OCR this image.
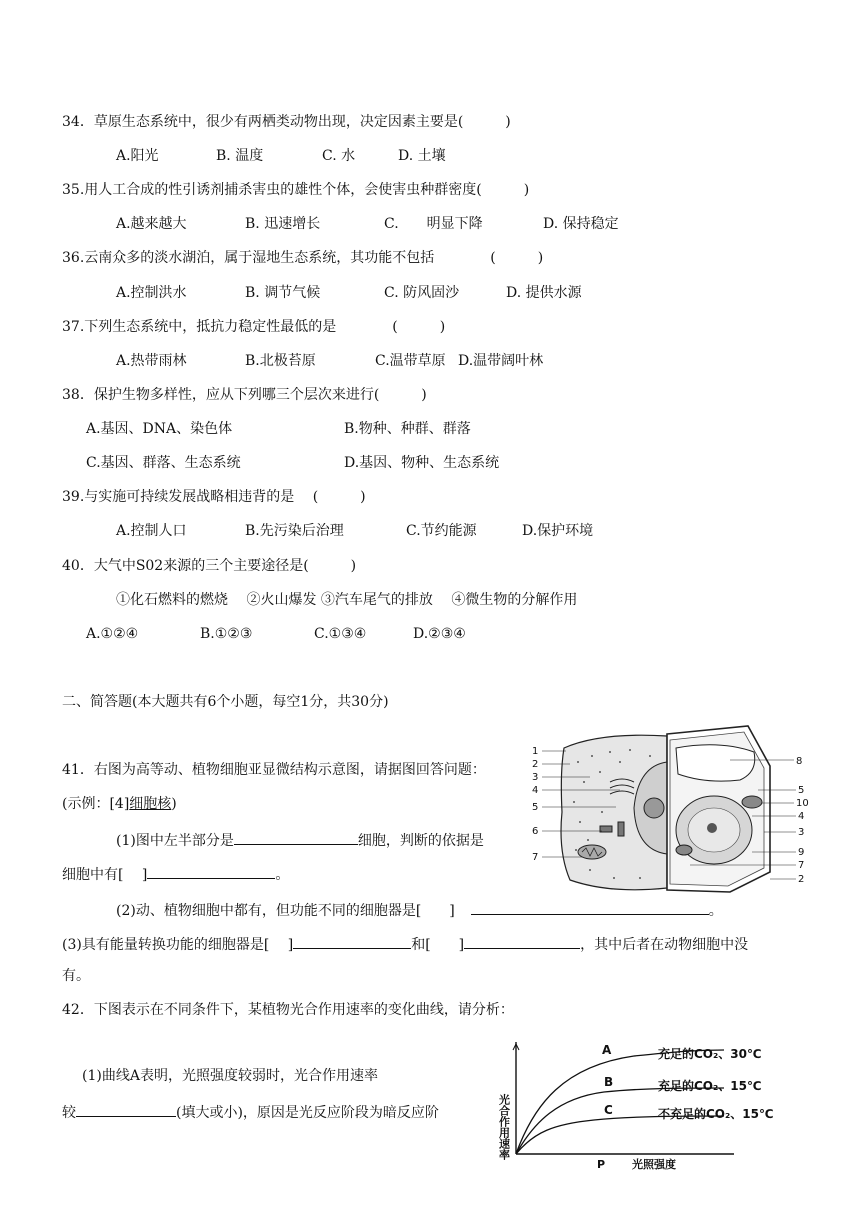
34．草原生态系统中，很少有两栖类动物出现，决定因素主要是(　　　)
A.阳光	B. 温度	C. 水	D. 土壤
35.用人工合成的性引诱剂捕杀害虫的雄性个体，会使害虫种群密度(　　　)
A.越来越大	B. 迅速增长	C.　　明显下降	D. 保持稳定
36.云南众多的淡水湖泊，属于湿地生态系统，其功能不包括　　　　(　　　)
A.控制洪水	B. 调节气候	C. 防风固沙	D. 提供水源
37.下列生态系统中，抵抗力稳定性最低的是　　　　(　　　)
A.热带雨林	B.北极苔原	C.温带草原 D.温带阔叶林
38．保护生物多样性，应从下列哪三个层次来进行(　　　)
A.基因、DNA、染色体	B.物种、种群、群落
C.基因、群落、生态系统	D.基因、物种、生态系统
39.与实施可持续发展战略相违背的是　 (　　　)
A.控制人口	B.先污染后治理	C.节约能源	D.保护环境
40．大气中S02来源的三个主要途径是(　　　)
①化石燃料的燃烧　 ②火山爆发 ③汽车尾气的排放 　④微生物的分解作用
A.①②④	B.①②③	C.①③④	D.②③④
二、简答题(本大题共有6个小题，每空1分，共30分)
41．右图为高等动、植物细胞亚显微结构示意图，请据图回答问题：
(示例：[4]细胞核)
(1)图中左半部分是	细胞，判断的依据是
细胞中有[　 ]	。
(2)动、植物细胞中都有，但功能不同的细胞器是[　　]	。
(3)具有能量转换功能的细胞器是[　 ]	和[　　]	，其中后者在动物细胞中没
有。
1
2
3
4
5
6
7
8
5
10
4
3
9
7
2
42．下图表示在不同条件下，某植物光合作用速率的变化曲线，请分析：
(1)曲线A表明，光照强度较弱时，光合作用速率
较	(填大或小)，原因是光反应阶段为暗反应阶	光合作用速率
A
B
C
充足的CO₂、30℃
充足的CO₂、15℃
不充足的CO₂、15℃
P 光照强度
